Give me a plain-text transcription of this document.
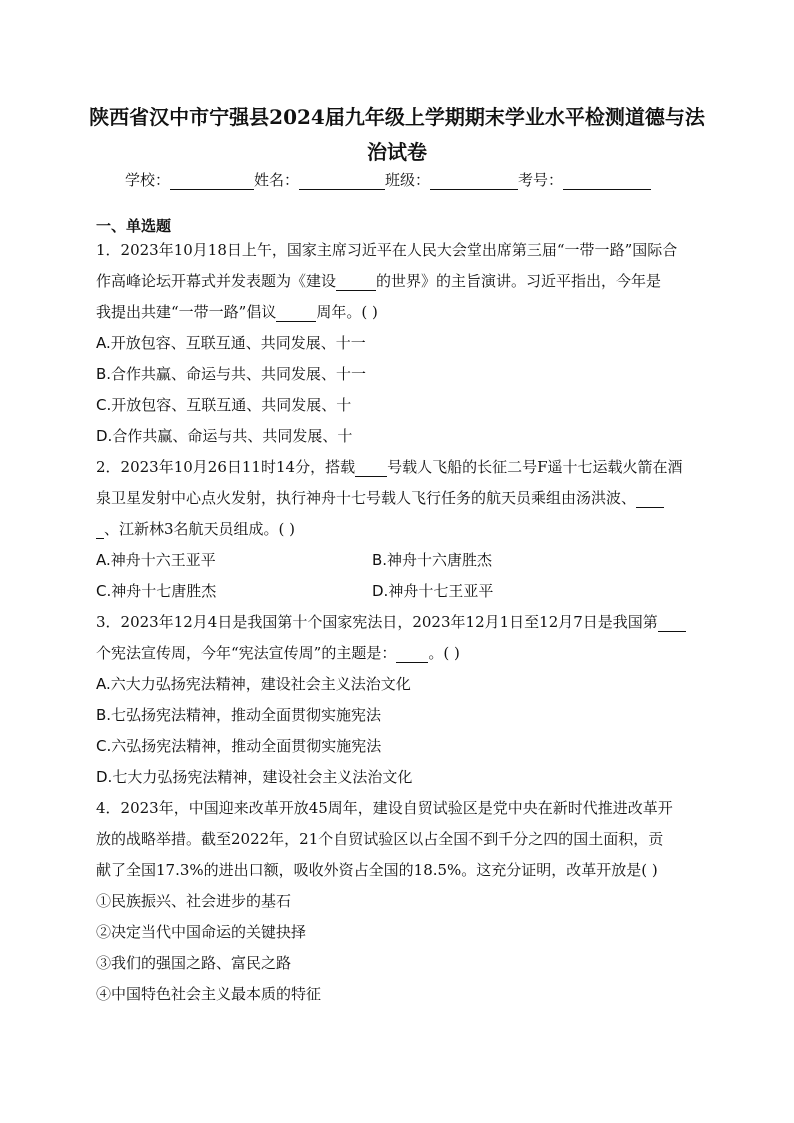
陕西省汉中市宁强县2024届九年级上学期期末学业水平检测道德与法
治试卷
学校：	姓名：	班级：	考号：
一、单选题
1．2023年10月18日上午，国家主席习近平在人民大会堂出席第三届“一带一路”国际合
作高峰论坛开幕式并发表题为《建设	的世界》的主旨演讲。习近平指出，今年是
我提出共建“一带一路”倡议	周年。( )
A.开放包容、互联互通、共同发展、十一
B.合作共赢、命运与共、共同发展、十一
C.开放包容、互联互通、共同发展、十
D.合作共赢、命运与共、共同发展、十
2．2023年10月26日11时14分，搭载 号载人飞船的长征二号F遥十七运载火箭在酒
泉卫星发射中心点火发射，执行神舟十七号载人飞行任务的航天员乘组由汤洪波、
、江新林3名航天员组成。( )
A.神舟十六王亚平	B.神舟十六唐胜杰
C.神舟十七唐胜杰	D.神舟十七王亚平
3．2023年12月4日是我国第十个国家宪法日，2023年12月1日至12月7日是我国第
个宪法宣传周，今年“宪法宣传周”的主题是： 。( )
A.六大力弘扬宪法精神，建设社会主义法治文化
B.七弘扬宪法精神，推动全面贯彻实施宪法
C.六弘扬宪法精神，推动全面贯彻实施宪法
D.七大力弘扬宪法精神，建设社会主义法治文化
4．2023年，中国迎来改革开放45周年，建设自贸试验区是党中央在新时代推进改革开
放的战略举措。截至2022年，21个自贸试验区以占全国不到千分之四的国土面积，贡
献了全国17.3%的进出口额，吸收外资占全国的18.5%。这充分证明，改革开放是( )
①民族振兴、社会进步的基石
②决定当代中国命运的关键抉择
③我们的强国之路、富民之路
④中国特色社会主义最本质的特征
